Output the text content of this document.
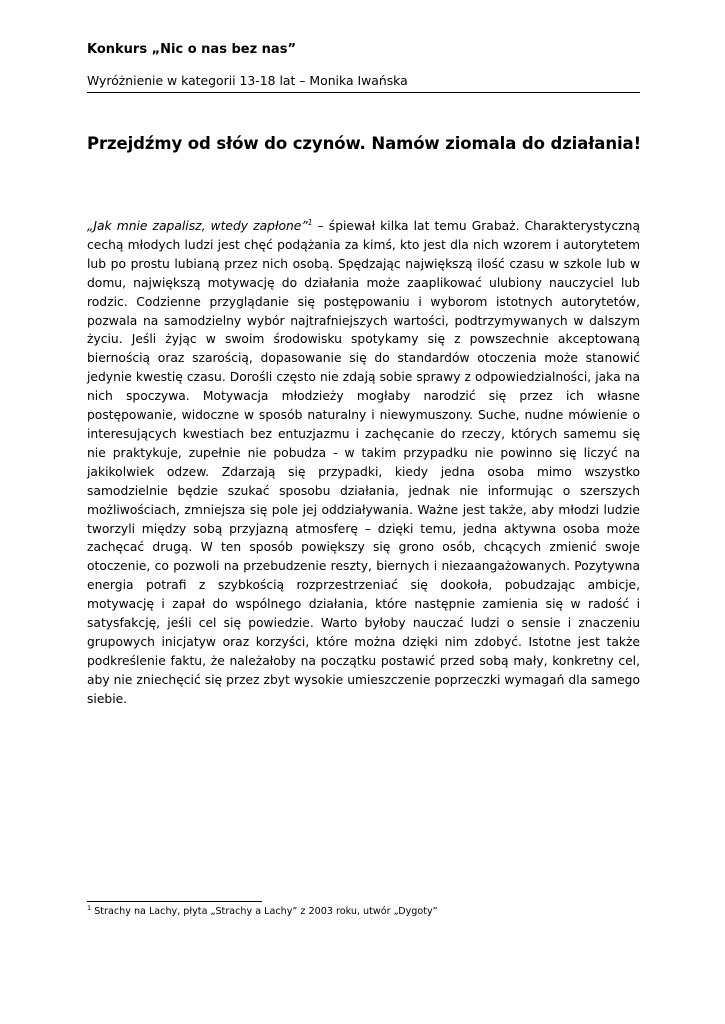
Konkurs „Nic o nas bez nas”
Wyróżnienie w kategorii 13-18 lat – Monika Iwańska
Przejdźmy od słów do czynów. Namów ziomala do działania!

„Jak mnie zapalisz, wtedy zapłone”$^1$ – śpiewał kilka lat temu Grabaż. Charakterystyczną cechą młodych ludzi jest chęć podążania za kimś, kto jest dla nich wzorem i autorytetem lub po prostu lubianą przez nich osobą. Spędzając największą ilość czasu w szkole lub w domu, największą motywację do działania może zaaplikować ulubiony nauczyciel lub rodzic. Codzienne przyglądanie się postępowaniu i wyborom istotnych autorytetów, pozwala na samodzielny wybór najtrafniejszych wartości, podtrzymywanych w dalszym życiu. Jeśli żyjąc w swoim środowisku spotykamy się z powszechnie akceptowaną biernością oraz szarością, dopasowanie się do standardów otoczenia może stanowić jedynie kwestię czasu. Dorośli często nie zdają sobie sprawy z odpowiedzialności, jaka na nich spoczywa. Motywacja młodzieży mogłaby narodzić się przez ich własne postępowanie, widoczne w sposób naturalny i niewymuszony. Suche, nudne mówienie o interesujących kwestiach bez entuzjazmu i zachęcanie do rzeczy, których samemu się nie praktykuje, zupełnie nie pobudza - w takim przypadku nie powinno się liczyć na jakikolwiek odzew. Zdarzają się przypadki, kiedy jedna osoba mimo wszystko samodzielnie będzie szukać sposobu działania, jednak nie informując o szerszych możliwościach, zmniejsza się pole jej oddziaływania. Ważne jest także, aby młodzi ludzie tworzyli między sobą przyjazną atmosferę – dzięki temu, jedna aktywna osoba może zachęcać drugą. W ten sposób powiększy się grono osób, chcących zmienić swoje otoczenie, co pozwoli na przebudzenie reszty, biernych i niezaangażowanych. Pozytywna energia potrafi z szybkością rozprzestrzeniać się dookoła, pobudzając ambicje, motywację i zapał do wspólnego działania, które następnie zamienia się w radość i satysfakcję, jeśli cel się powiedzie. Warto byłoby nauczać ludzi o sensie i znaczeniu grupowych inicjatyw oraz korzyści, które można dzięki nim zdobyć. Istotne jest także podkreślenie faktu, że należałoby na początku postawić przed sobą mały, konkretny cel, aby nie zniechęcić się przez zbyt wysokie umieszczenie poprzeczki wymagań dla samego siebie.

$^1$ Strachy na Lachy, płyta „Strachy a Lachy” z 2003 roku, utwór „Dygoty”
